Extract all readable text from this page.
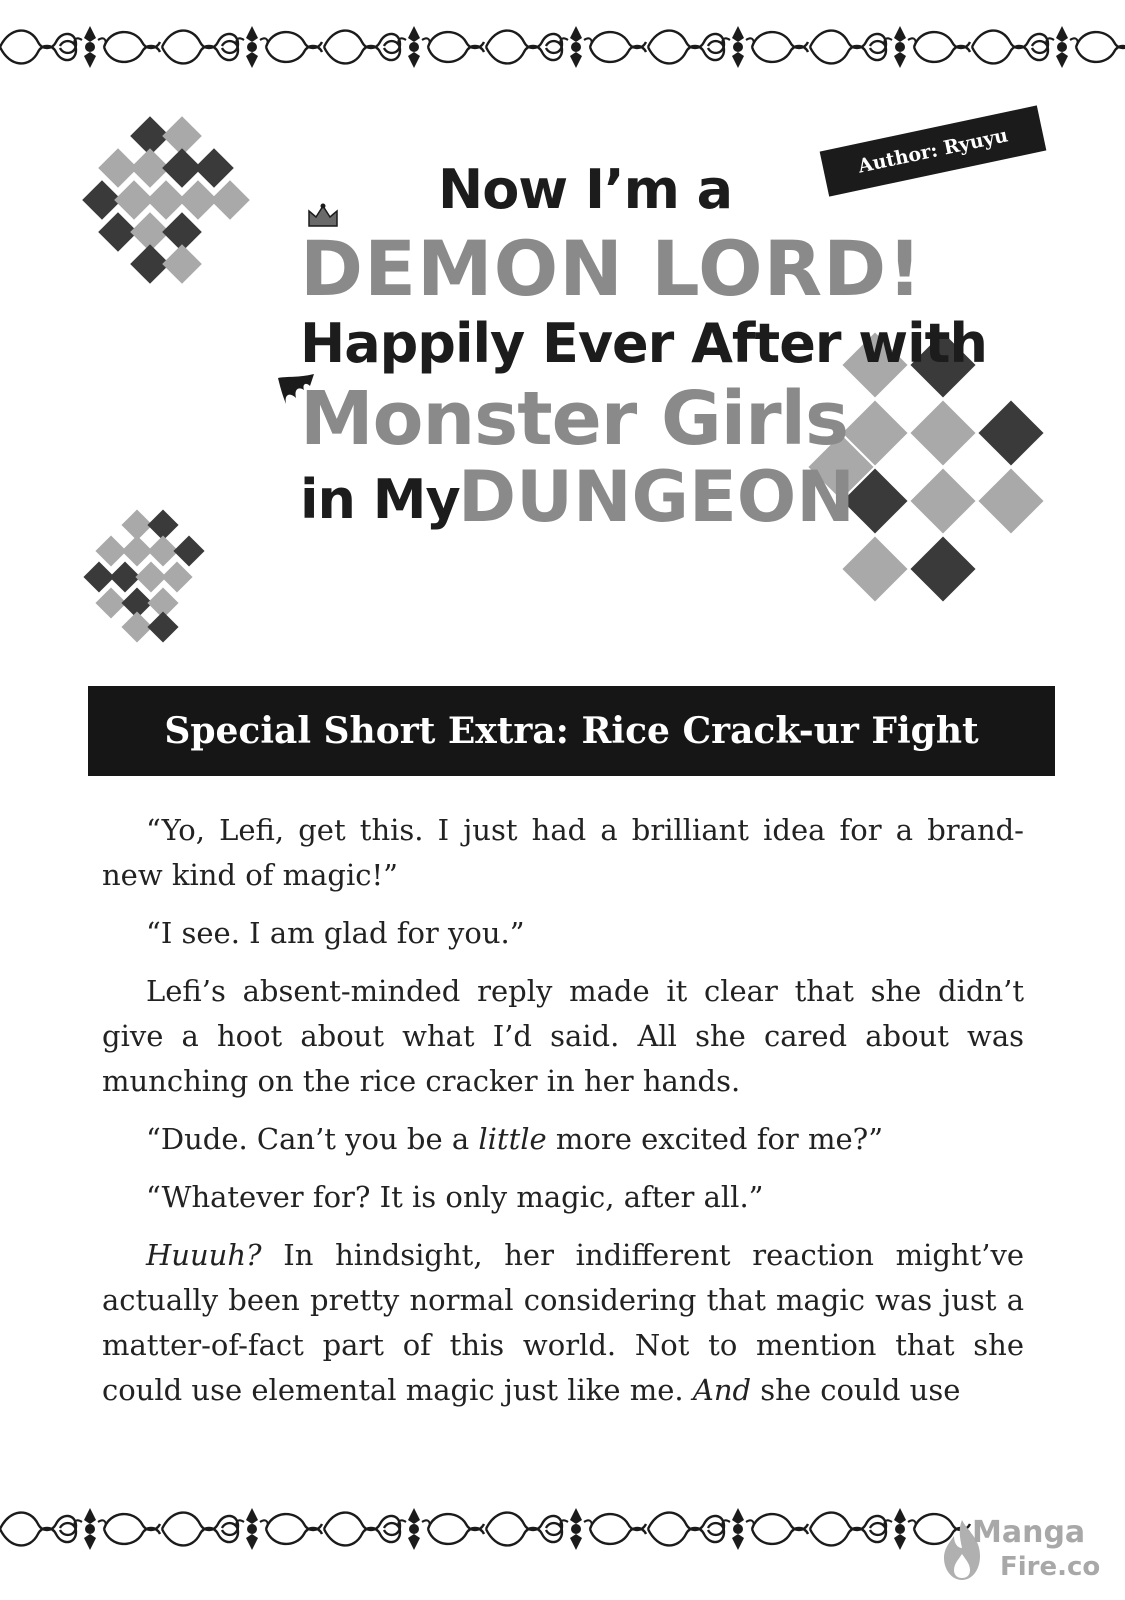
Now I’m a
DEMON LORD!
Happily Ever After with
Monster Girls
in My
DUNGEON
Author: Ryuyu
Special Short Extra: Rice Crack-ur Fight

“Yo, Lefi, get this. I just had a brilliant idea for a brand-new kind of magic!”

“I see. I am glad for you.”

Lefi’s absent-minded reply made it clear that she didn’t give a hoot about what I’d said. All she cared about was munching on the rice cracker in her hands.

“Dude. Can’t you be a little more excited for me?”

“Whatever for? It is only magic, after all.”

Huuuh? In hindsight, her indifferent reaction might’ve actually been pretty normal considering that magic was just a matter-of-fact part of this world. Not to mention that she could use elemental magic just like me. And she could use

Manga
Fire.co
